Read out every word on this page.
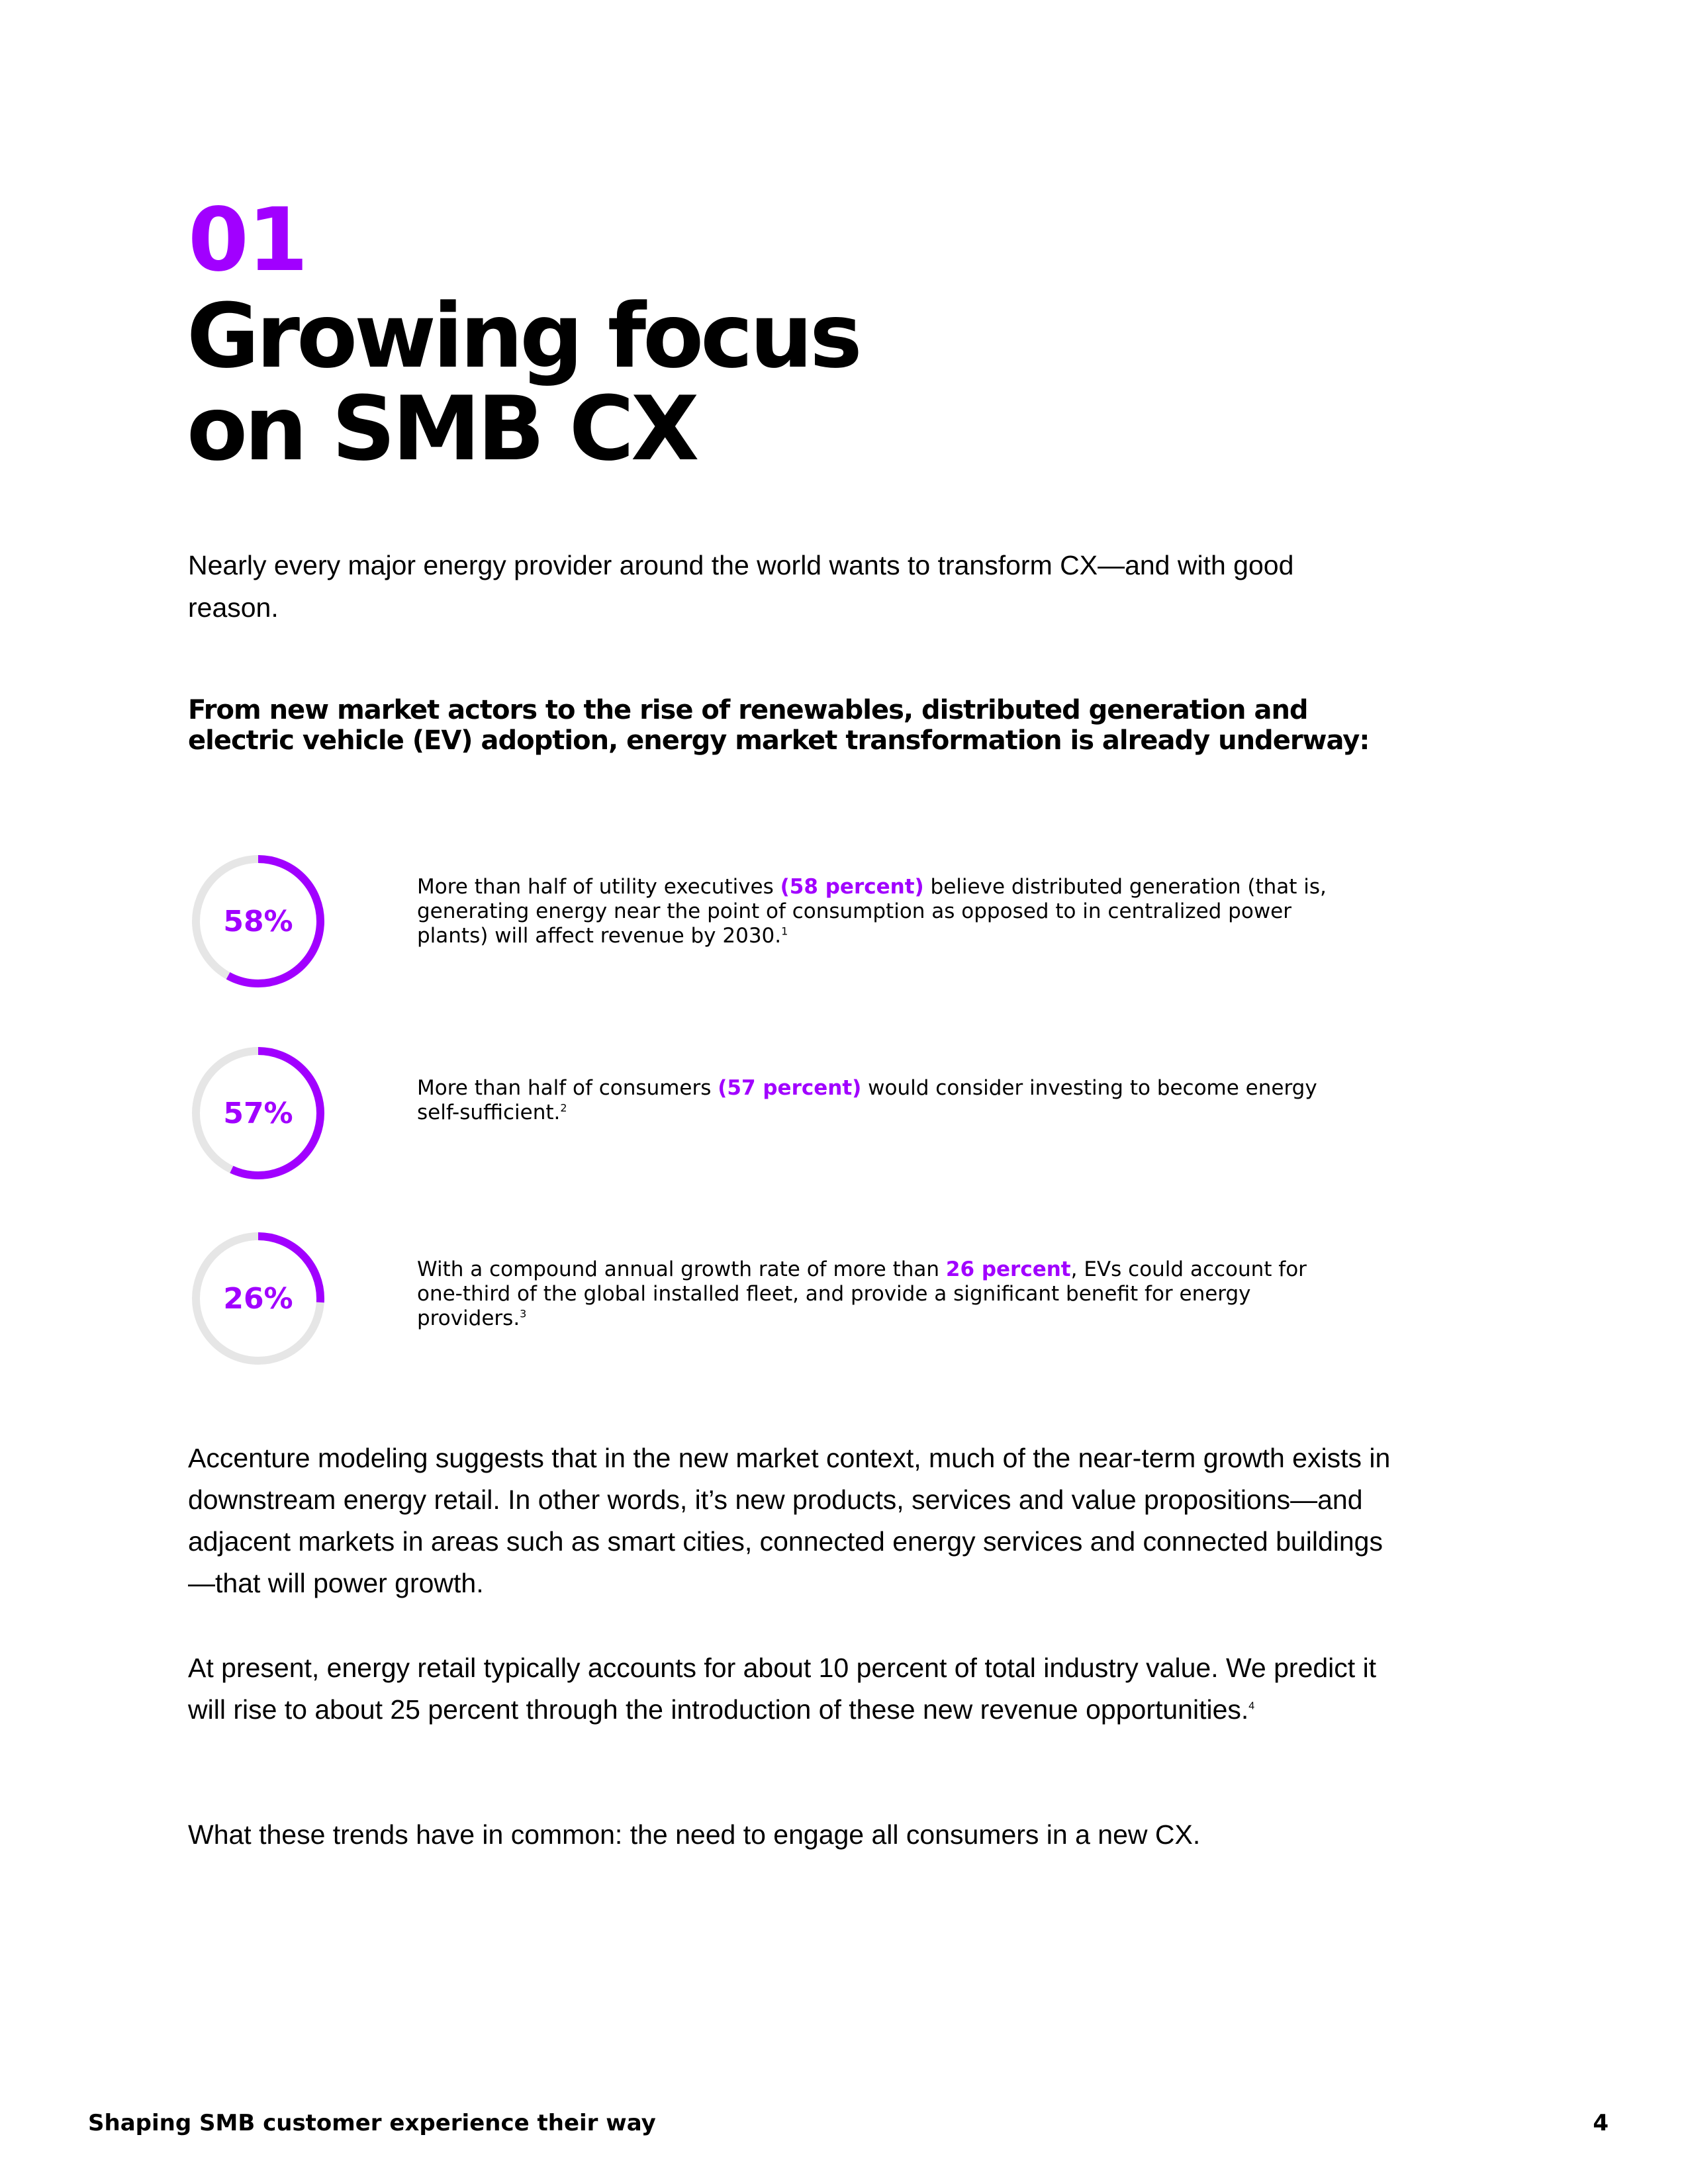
01
Growing focus
on SMB CX

Nearly every major energy provider around the world wants to transform CX—and with good reason.

From new market actors to the rise of renewables, distributed generation and electric vehicle (EV) adoption, energy market transformation is already underway:

58%

More than half of utility executives (58 percent) believe distributed generation (that is, generating energy near the point of consumption as opposed to in centralized power plants) will affect revenue by 2030.$^1$

57%

More than half of consumers (57 percent) would consider investing to become energy self-sufficient.$^2$

26%

With a compound annual growth rate of more than 26 percent, EVs could account for one-third of the global installed fleet, and provide a significant benefit for energy providers.$^3$

Accenture modeling suggests that in the new market context, much of the near-term growth exists in downstream energy retail. In other words, it’s new products, services and value propositions—and adjacent markets in areas such as smart cities, connected energy services and connected buildings—that will power growth.

At present, energy retail typically accounts for about 10 percent of total industry value. We predict it will rise to about 25 percent through the introduction of these new revenue opportunities.$^4$

What these trends have in common: the need to engage all consumers in a new CX.

Shaping SMB customer experience their way	4
